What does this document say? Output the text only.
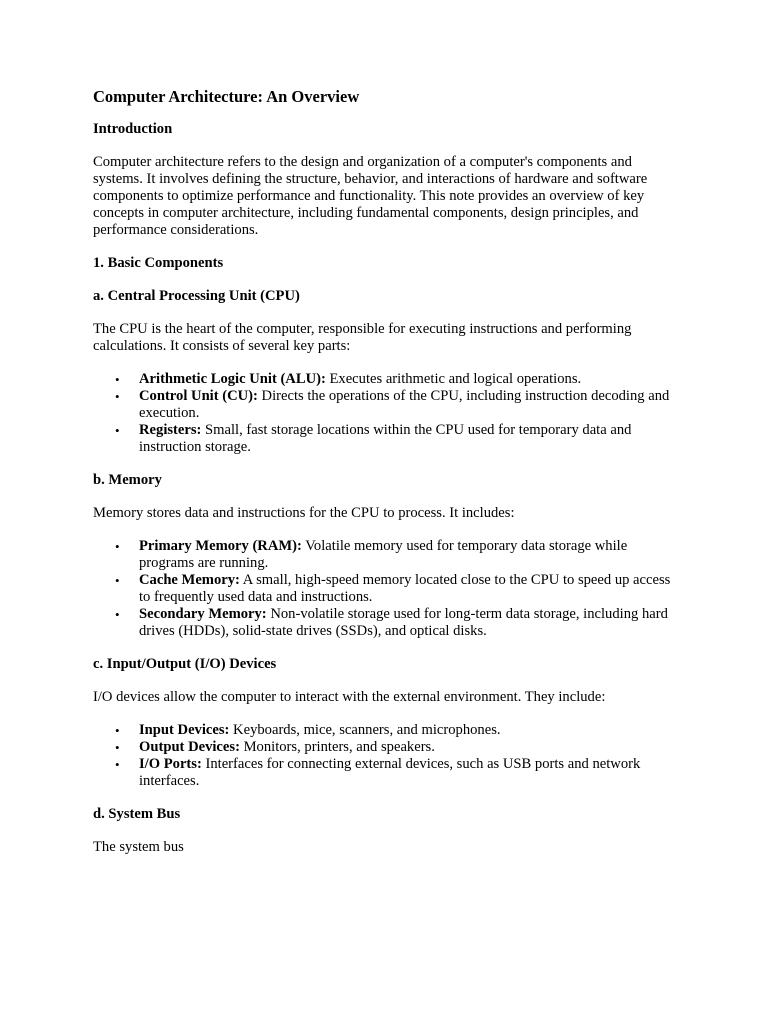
Computer Architecture: An Overview
Introduction
Computer architecture refers to the design and organization of a computer's components and systems. It involves defining the structure, behavior, and interactions of hardware and software components to optimize performance and functionality. This note provides an overview of key concepts in computer architecture, including fundamental components, design principles, and performance considerations.
1. Basic Components
a. Central Processing Unit (CPU)
The CPU is the heart of the computer, responsible for executing instructions and performing calculations. It consists of several key parts:
• Arithmetic Logic Unit (ALU): Executes arithmetic and logical operations.
• Control Unit (CU): Directs the operations of the CPU, including instruction decoding and execution.
• Registers: Small, fast storage locations within the CPU used for temporary data and instruction storage.
b. Memory
Memory stores data and instructions for the CPU to process. It includes:
• Primary Memory (RAM): Volatile memory used for temporary data storage while programs are running.
• Cache Memory: A small, high-speed memory located close to the CPU to speed up access to frequently used data and instructions.
• Secondary Memory: Non-volatile storage used for long-term data storage, including hard drives (HDDs), solid-state drives (SSDs), and optical disks.
c. Input/Output (I/O) Devices
I/O devices allow the computer to interact with the external environment. They include:
• Input Devices: Keyboards, mice, scanners, and microphones.
• Output Devices: Monitors, printers, and speakers.
• I/O Ports: Interfaces for connecting external devices, such as USB ports and network interfaces.
d. System Bus
The system bus
